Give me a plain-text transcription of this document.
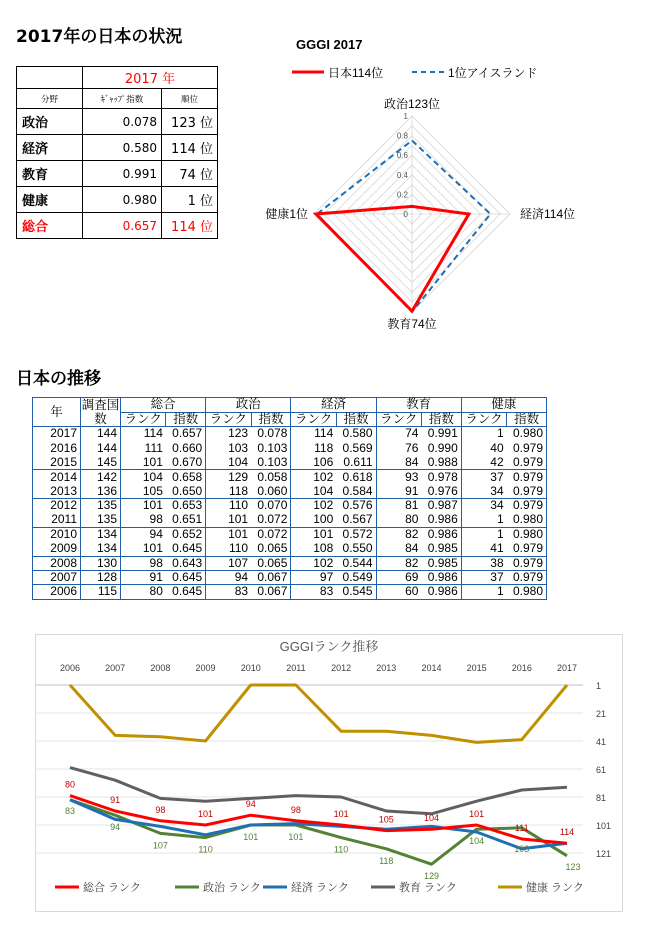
2017年の日本の状況
日本の推移
	2017 年	
分野	ｷﾞｬｯﾌﾟ指数	順位
政治	0.078	123 位
経済	0.580	114 位
教育	0.991	74 位
健康	0.980	1 位
総合	0.657	114 位
GGGI 2017
日本114位	1位アイスランド
0
0.2
0.4
0.6
0.8
1
政治123位
経済114位
教育74位
健康1位
年	調査国数	総合		政治		経済		教育		健康	
		ランク	指数	ランク	指数	ランク	指数	ランク	指数	ランク	指数
2017	144	114	0.657	123	0.078	114	0.580	74	0.991	1	0.980
2016	144	111	0.660	103	0.103	118	0.569	76	0.990	40	0.979
2015	145	101	0.670	104	0.103	106	0.611	84	0.988	42	0.979
2014	142	104	0.658	129	0.058	102	0.618	93	0.978	37	0.979
2013	136	105	0.650	118	0.060	104	0.584	91	0.976	34	0.979
2012	135	101	0.653	110	0.070	102	0.576	81	0.987	34	0.979
2011	135	98	0.651	101	0.072	100	0.567	80	0.986	1	0.980
2010	134	94	0.652	101	0.072	101	0.572	82	0.986	1	0.980
2009	134	101	0.645	110	0.065	108	0.550	84	0.985	41	0.979
2008	130	98	0.643	107	0.065	102	0.544	82	0.985	38	0.979
2007	128	91	0.645	94	0.067	97	0.549	69	0.986	37	0.979
2006	115	80	0.645	83	0.067	83	0.545	60	0.986	1	0.980
GGGIランク推移
2006	2007	2008	2009	2010	2011	2012	2013	2014	2015	2016	2017
1
21
41
61
81
101
121
80
91
98	101
94
98	101
105	104	101
111	114
83
94
107	110
101	101
110
118
129
104
103
123
総合 ランク	政治 ランク	経済 ランク	教育 ランク	健康 ランク
